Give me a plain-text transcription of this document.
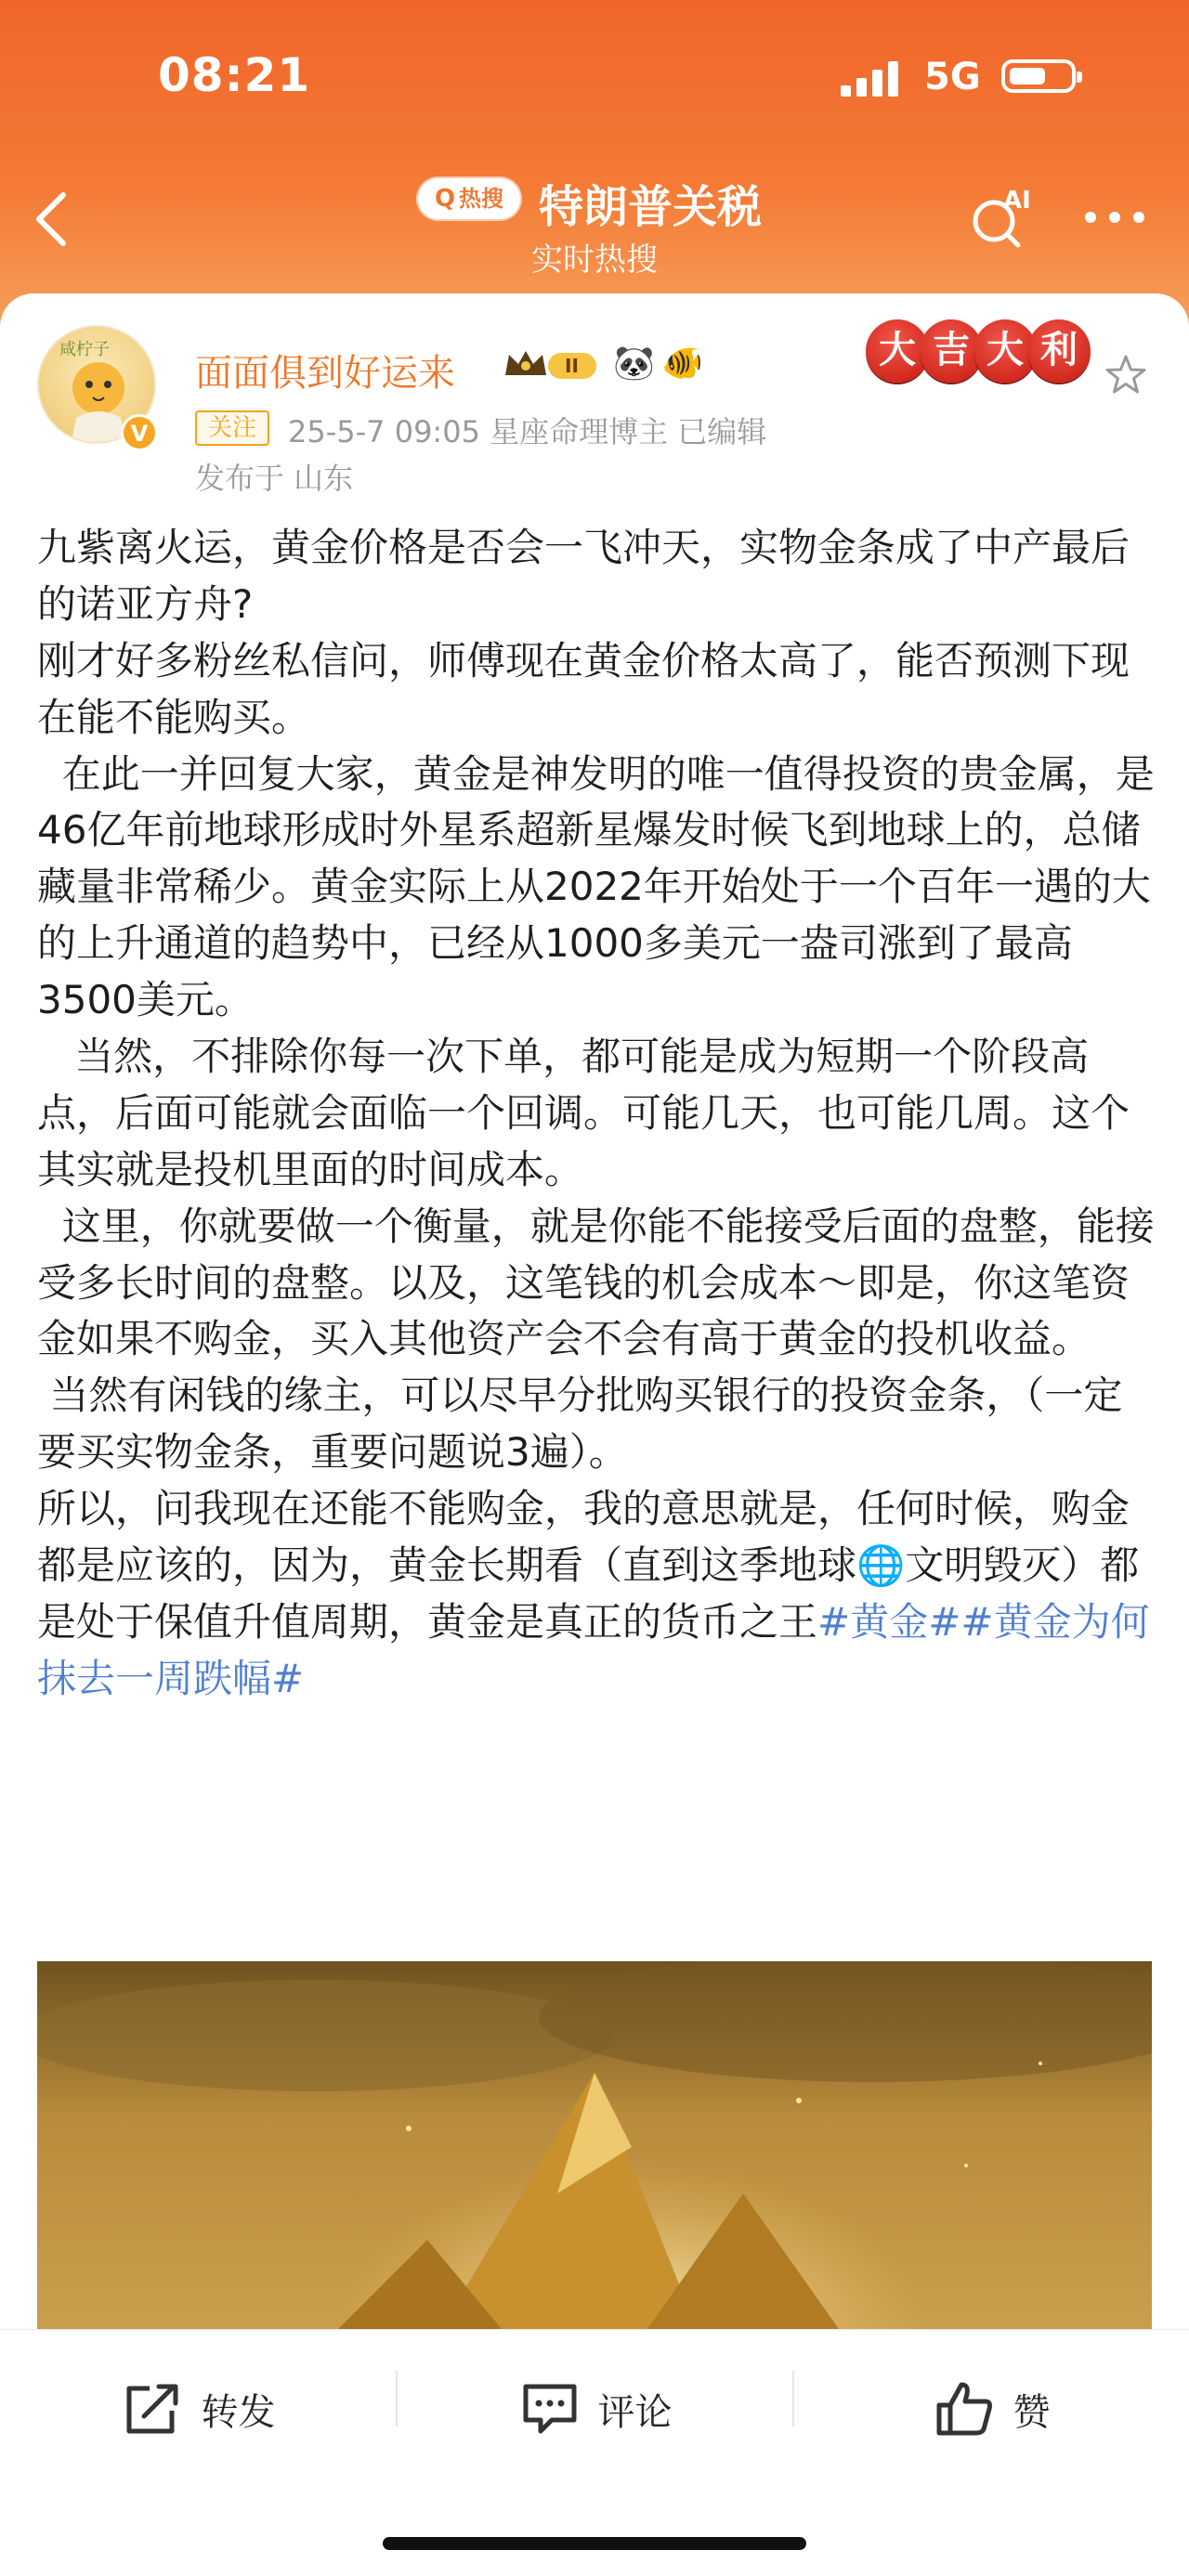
08:21	5G
Q 热搜 特朗普关税
实时热搜
AI
咸柠子
V
面面俱到好运来	II 🐼 🐠
关注	25-5-7 09:05 星座命理博主 已编辑
发布于 山东
大 吉 大 利

九紫离火运，黄金价格是否会一飞冲天，实物金条成了中产最后的诺亚方舟?

刚才好多粉丝私信问，师傅现在黄金价格太高了，能否预测下现在能不能购买。

在此一并回复大家，黄金是神发明的唯一值得投资的贵金属，是46亿年前地球形成时外星系超新星爆发时候飞到地球上的，总储藏量非常稀少。黄金实际上从2022年开始处于一个百年一遇的大的上升通道的趋势中，已经从1000多美元一盎司涨到了最高3500美元。

当然，不排除你每一次下单，都可能是成为短期一个阶段高点，后面可能就会面临一个回调。可能几天，也可能几周。这个其实就是投机里面的时间成本。

这里，你就要做一个衡量，就是你能不能接受后面的盘整，能接受多长时间的盘整。以及，这笔钱的机会成本～即是，你这笔资金如果不购金，买入其他资产会不会有高于黄金的投机收益。

当然有闲钱的缘主，可以尽早分批购买银行的投资金条，（一定要买实物金条，重要问题说3遍）。

所以，问我现在还能不能购金，我的意思就是，任何时候，购金都是应该的，因为，黄金长期看（直到这季地球🌐文明毁灭）都是处于保值升值周期，黄金是真正的货币之王#黄金##黄金为何抹去一周跌幅#

转发	评论	赞
